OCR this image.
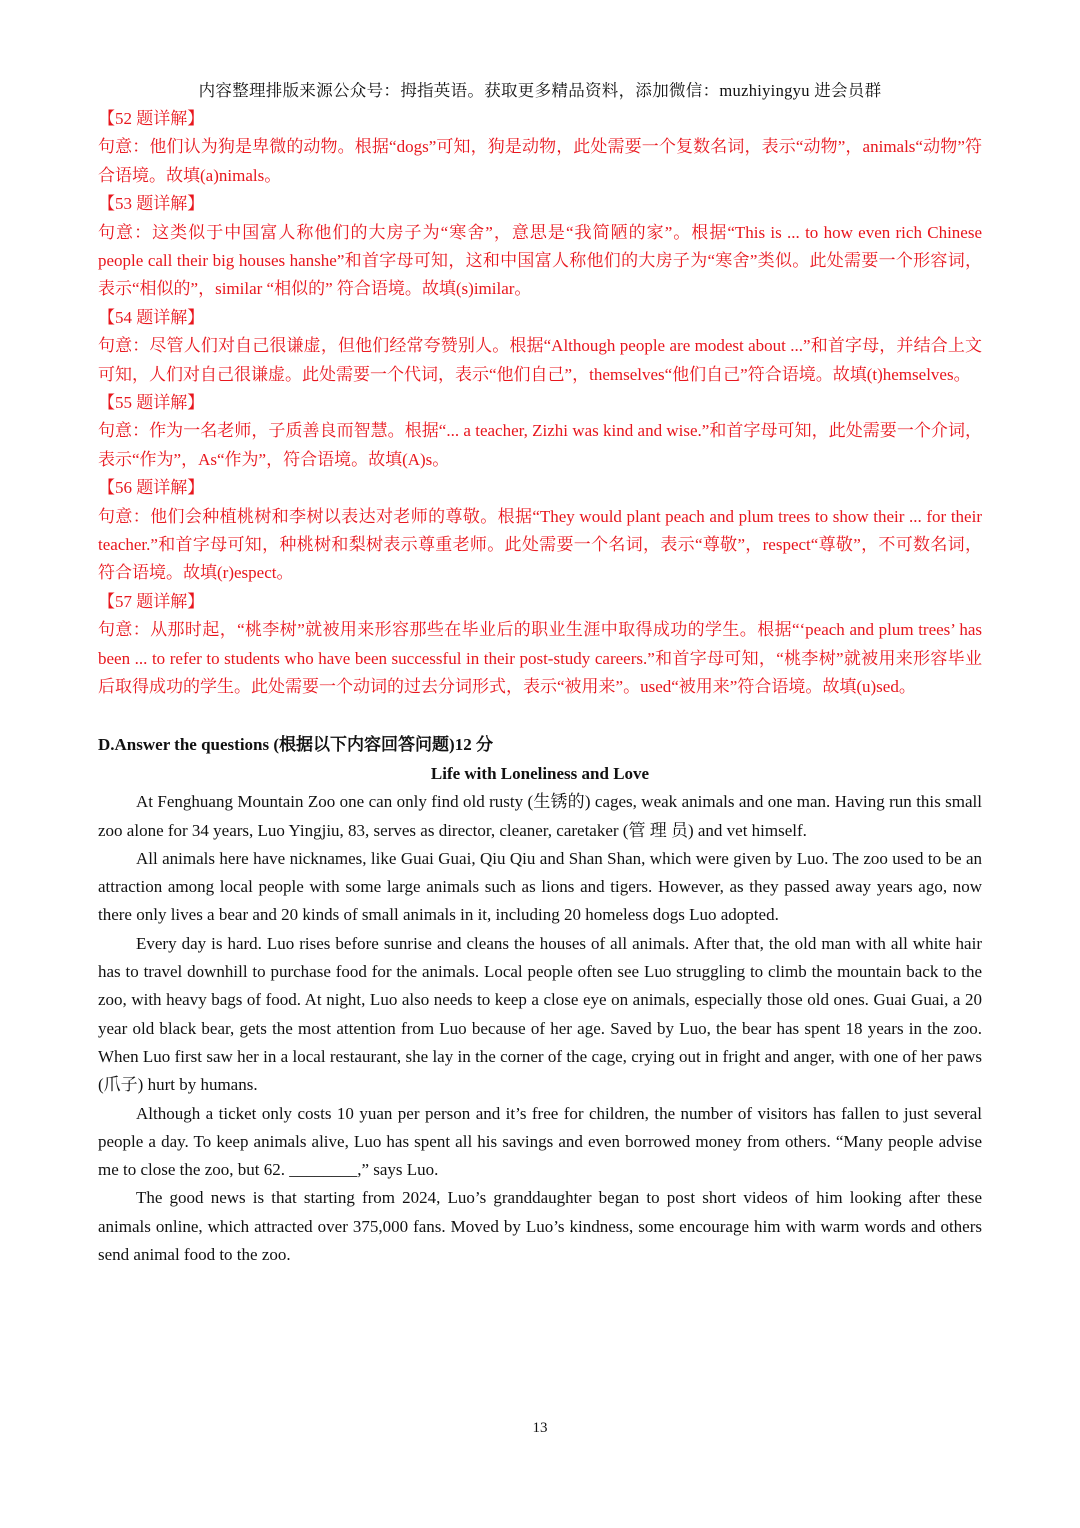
内容整理排版来源公众号：拇指英语。获取更多精品资料，添加微信：muzhiyingyu 进会员群
【52 题详解】
句意：他们认为狗是卑微的动物。根据“dogs”可知，狗是动物，此处需要一个复数名词，表示“动物”，animals“动物”符合语境。故填(a)nimals。
【53 题详解】
句意：这类似于中国富人称他们的大房子为“寒舍”，意思是“我简陋的家”。根据“This is ... to how even rich Chinese people call their big houses hanshe”和首字母可知，这和中国富人称他们的大房子为“寒舍”类似。此处需要一个形容词，表示“相似的”，similar “相似的” 符合语境。故填(s)imilar。
【54 题详解】
句意：尽管人们对自己很谦虚，但他们经常夸赞别人。根据“Although people are modest about ...”和首字母，并结合上文可知，人们对自己很谦虚。此处需要一个代词，表示“他们自己”，themselves“他们自己”符合语境。故填(t)hemselves。
【55 题详解】
句意：作为一名老师，子质善良而智慧。根据“... a teacher, Zizhi was kind and wise.”和首字母可知，此处需要一个介词，表示“作为”，As“作为”，符合语境。故填(A)s。
【56 题详解】
句意：他们会种植桃树和李树以表达对老师的尊敬。根据“They would plant peach and plum trees to show their ... for their teacher.”和首字母可知，种桃树和梨树表示尊重老师。此处需要一个名词，表示“尊敬”，respect“尊敬”，不可数名词，符合语境。故填(r)espect。
【57 题详解】
句意：从那时起，“桃李树”就被用来形容那些在毕业后的职业生涯中取得成功的学生。根据“‘peach and plum trees’ has been ... to refer to students who have been successful in their post-study careers.”和首字母可知，“桃李树”就被用来形容毕业后取得成功的学生。此处需要一个动词的过去分词形式，表示“被用来”。used“被用来”符合语境。故填(u)sed。
D.Answer the questions (根据以下内容回答问题)12 分
Life with Loneliness and Love
At Fenghuang Mountain Zoo one can only find old rusty (生锈的) cages, weak animals and one man. Having run this small zoo alone for 34 years, Luo Yingjiu, 83, serves as director, cleaner, caretaker (管 理 员) and vet himself.
All animals here have nicknames, like Guai Guai, Qiu Qiu and Shan Shan, which were given by Luo. The zoo used to be an attraction among local people with some large animals such as lions and tigers. However, as they passed away years ago, now there only lives a bear and 20 kinds of small animals in it, including 20 homeless dogs Luo adopted.
Every day is hard. Luo rises before sunrise and cleans the houses of all animals. After that, the old man with all white hair has to travel downhill to purchase food for the animals. Local people often see Luo struggling to climb the mountain back to the zoo, with heavy bags of food. At night, Luo also needs to keep a close eye on animals, especially those old ones. Guai Guai, a 20 year old black bear, gets the most attention from Luo because of her age. Saved by Luo, the bear has spent 18 years in the zoo. When Luo first saw her in a local restaurant, she lay in the corner of the cage, crying out in fright and anger, with one of her paws (爪子) hurt by humans.
Although a ticket only costs 10 yuan per person and it’s free for children, the number of visitors has fallen to just several people a day. To keep animals alive, Luo has spent all his savings and even borrowed money from others. “Many people advise me to close the zoo, but 62. ________,” says Luo.
The good news is that starting from 2024, Luo’s granddaughter began to post short videos of him looking after these animals online, which attracted over 375,000 fans. Moved by Luo’s kindness, some encourage him with warm words and others send animal food to the zoo.
13
